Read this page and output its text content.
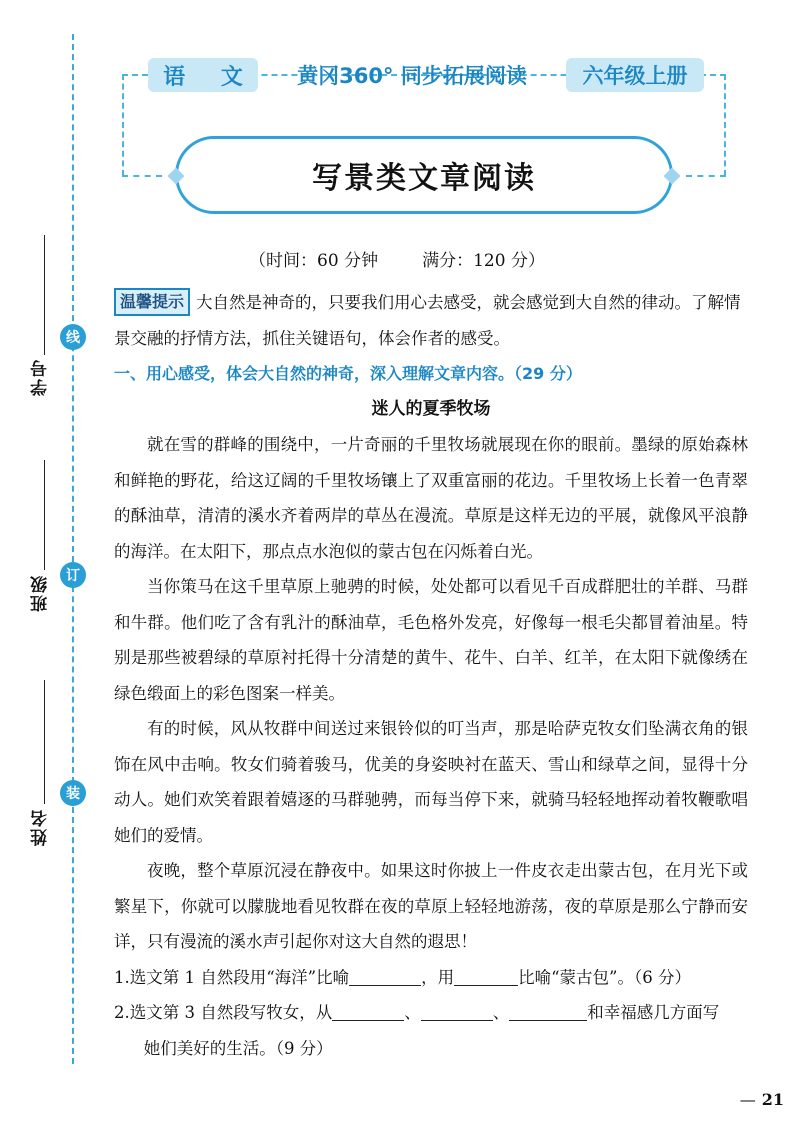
线
订
装
学号
班级
姓名
语 文	黄冈360° 同步拓展阅读	六年级上册
写景类文章阅读
（时间：60 分钟	满分：120 分）

温馨提示 大自然是神奇的，只要我们用心去感受，就会感觉到大自然的律动。了解情景交融的抒情方法，抓住关键语句，体会作者的感受。

一、用心感受，体会大自然的神奇，深入理解文章内容。（29 分）

迷人的夏季牧场

就在雪的群峰的围绕中，一片奇丽的千里牧场就展现在你的眼前。墨绿的原始森林和鲜艳的野花，给这辽阔的千里牧场镶上了双重富丽的花边。千里牧场上长着一色青翠的酥油草，清清的溪水齐着两岸的草丛在漫流。草原是这样无边的平展，就像风平浪静的海洋。在太阳下，那点点水泡似的蒙古包在闪烁着白光。

当你策马在这千里草原上驰骋的时候，处处都可以看见千百成群肥壮的羊群、马群和牛群。他们吃了含有乳汁的酥油草，毛色格外发亮，好像每一根毛尖都冒着油星。特别是那些被碧绿的草原衬托得十分清楚的黄牛、花牛、白羊、红羊，在太阳下就像绣在绿色缎面上的彩色图案一样美。

有的时候，风从牧群中间送过来银铃似的叮当声，那是哈萨克牧女们坠满衣角的银饰在风中击响。牧女们骑着骏马，优美的身姿映衬在蓝天、雪山和绿草之间，显得十分动人。她们欢笑着跟着嬉逐的马群驰骋，而每当停下来，就骑马轻轻地挥动着牧鞭歌唱她们的爱情。

夜晚，整个草原沉浸在静夜中。如果这时你披上一件皮衣走出蒙古包，在月光下或繁星下，你就可以朦胧地看见牧群在夜的草原上轻轻地游荡，夜的草原是那么宁静而安详，只有漫流的溪水声引起你对这大自然的遐思！

1.选文第 1 自然段用“海洋”比喻	，用	比喻“蒙古包”。（6 分）

2.选文第 3 自然段写牧女，从	、	、	和幸福感几方面写

她们美好的生活。（9 分）

— 21
